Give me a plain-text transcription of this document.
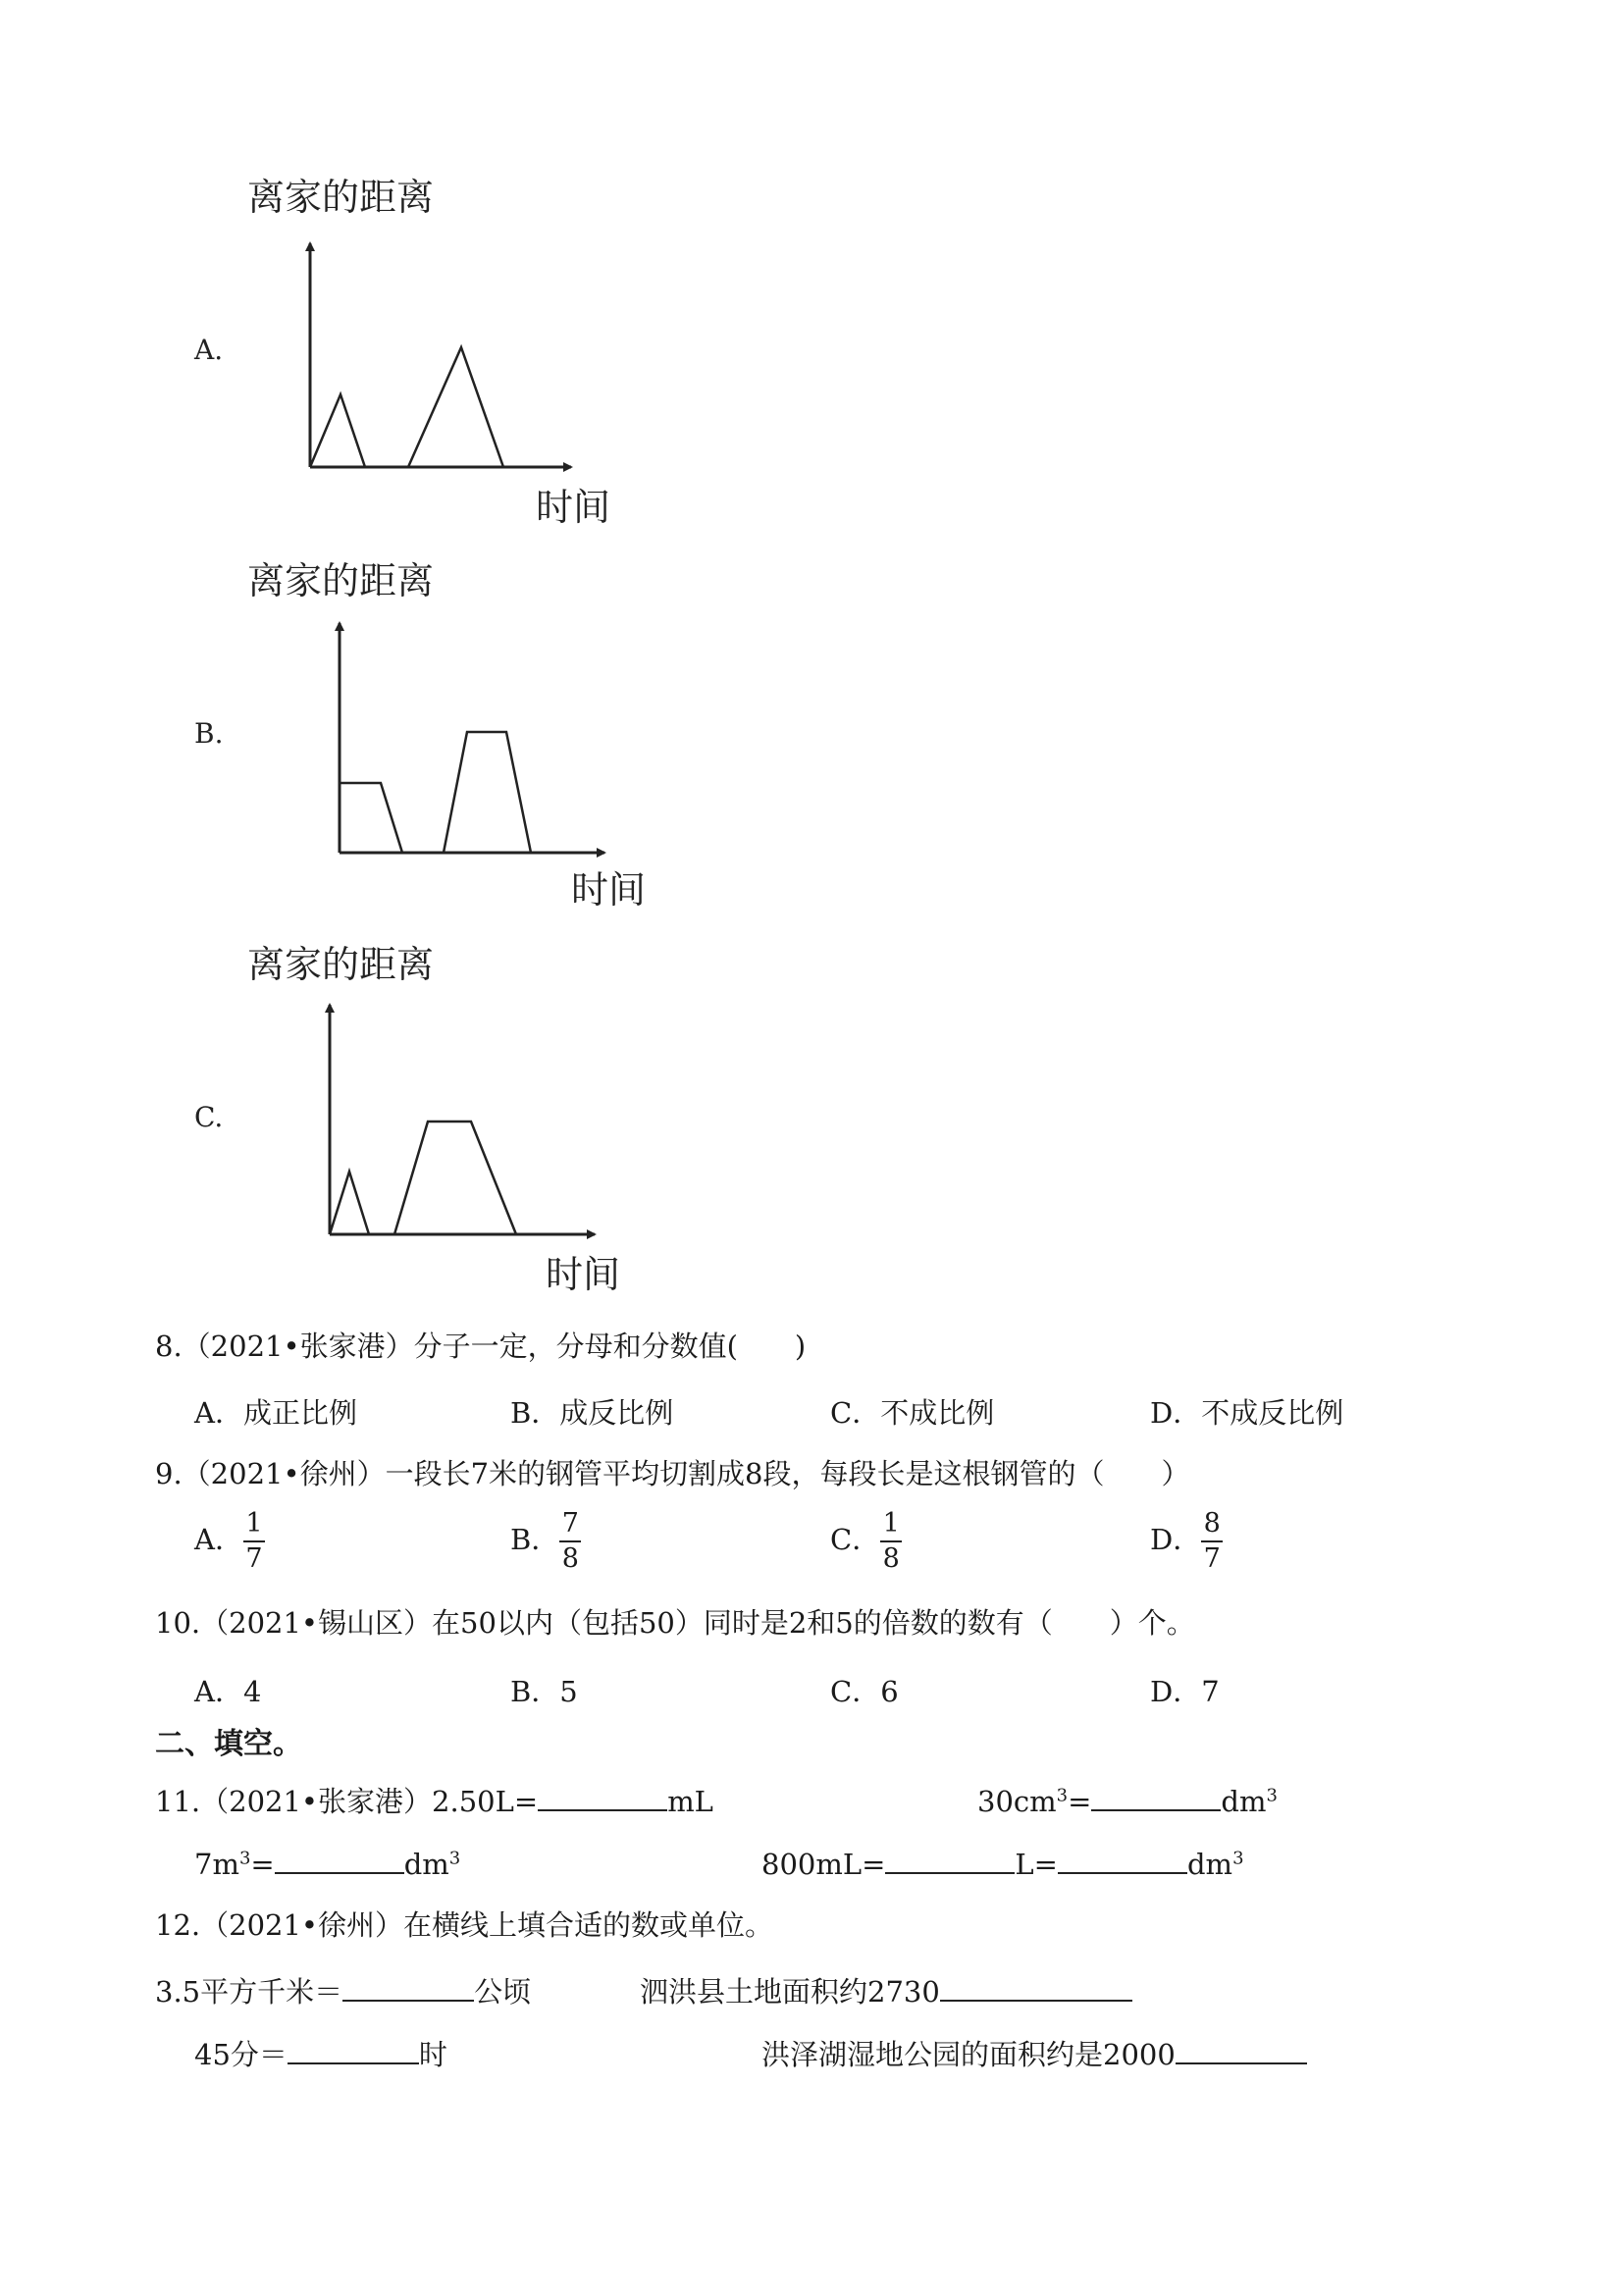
A.
离家的距离
时间
B.
离家的距离
时间
C.
离家的距离
时间
8.（2021•张家港）分子一定，分母和分数值(　　)
A．成正比例	B．成反比例	C．不成比例	D．不成反比例
9.（2021•徐州）一段长7米的钢管平均切割成8段，每段长是这根钢管的（　　）
A． $\frac{1}{7}$	B． $\frac{7}{8}$	C． $\frac{1}{8}$	D． $\frac{8}{7}$
10.（2021•锡山区）在50以内（包括50）同时是2和5的倍数的数有（　　）个。
A．4	B．5	C．6	D．7
二、填空。
11.（2021•张家港）2.50L=	mL	$30cm^3=$	$dm^3$
$7m^3=$	$dm^3$	800mL=	L=	$dm^3$
12.（2021•徐州）在横线上填合适的数或单位。
3.5平方千米＝	公顷	泗洪县土地面积约2730
45分＝	时	洪泽湖湿地公园的面积约是2000
